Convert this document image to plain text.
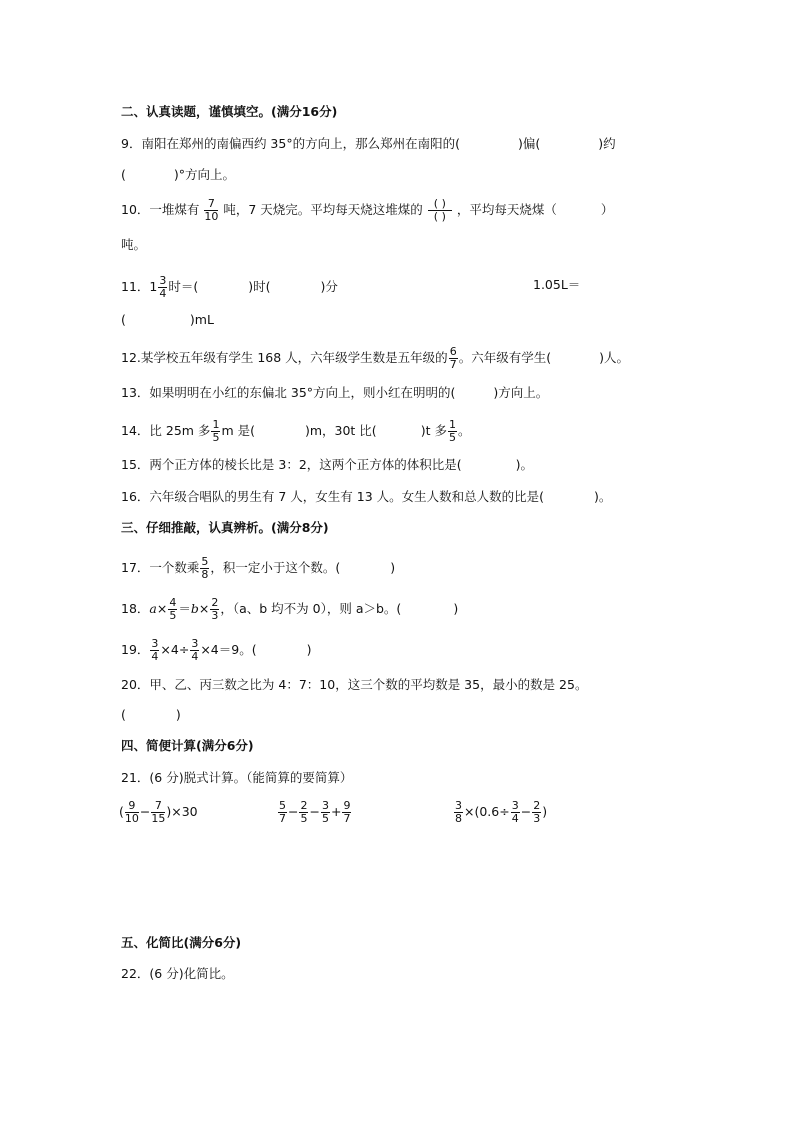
二、认真读题，谨慎填空。(满分16分)
9．南阳在郑州的南偏西约 35°的方向上，那么郑州在南阳的(	)偏(	)约
(	)°方向上。
10．一堆煤有 $\frac{7}{10}$ 吨，7 天烧完。平均每天烧这堆煤的 ( )
( ) ，平均每天烧煤（	）
吨。
11．$1 \frac{3}{4}$ 时＝(	)时(	)分	1.05L＝
(	)mL
12.某学校五年级有学生 168 人，六年级学生数是五年级的 $\frac{6}{7}$ 。六年级有学生(	)人。
13．如果明明在小红的东偏北 35°方向上，则小红在明明的(	)方向上。
14．比 25m 多 $\frac{1}{5}$ m 是(	)m，30t 比(	)t 多 $\frac{1}{5}$ 。
15．两个正方体的棱长比是 3：2，这两个正方体的体积比是(	)。
16．六年级合唱队的男生有 7 人，女生有 13 人。女生人数和总人数的比是(	)。
三、仔细推敲，认真辨析。(满分8分)
17．一个数乘 $\frac{5}{8}$ ，积一定小于这个数。(	)
18．$a\times \frac{4}{5} =b\times \frac{2}{3}$ ，（a、b 均不为 0），则 a＞b。(	)
19． $\frac{3}{4} \times 4\div \frac{3}{4} \times 4=9$。(	)
20．甲、乙、丙三数之比为 4：7：10，这三个数的平均数是 35，最小的数是 25。
(	)
四、简便计算(满分6分)
21．(6 分)脱式计算。（能简算的要简算）
( $\frac{9}{10} - \frac{7}{15} )\times 30$	$\frac{5}{7} - \frac{2}{5} - \frac{3}{5} + \frac{9}{7}$	$\frac{3}{8} \times(0.6\div \frac{3}{4} - \frac{2}{3}$ )
五、化简比(满分6分)
22．(6 分)化简比。
